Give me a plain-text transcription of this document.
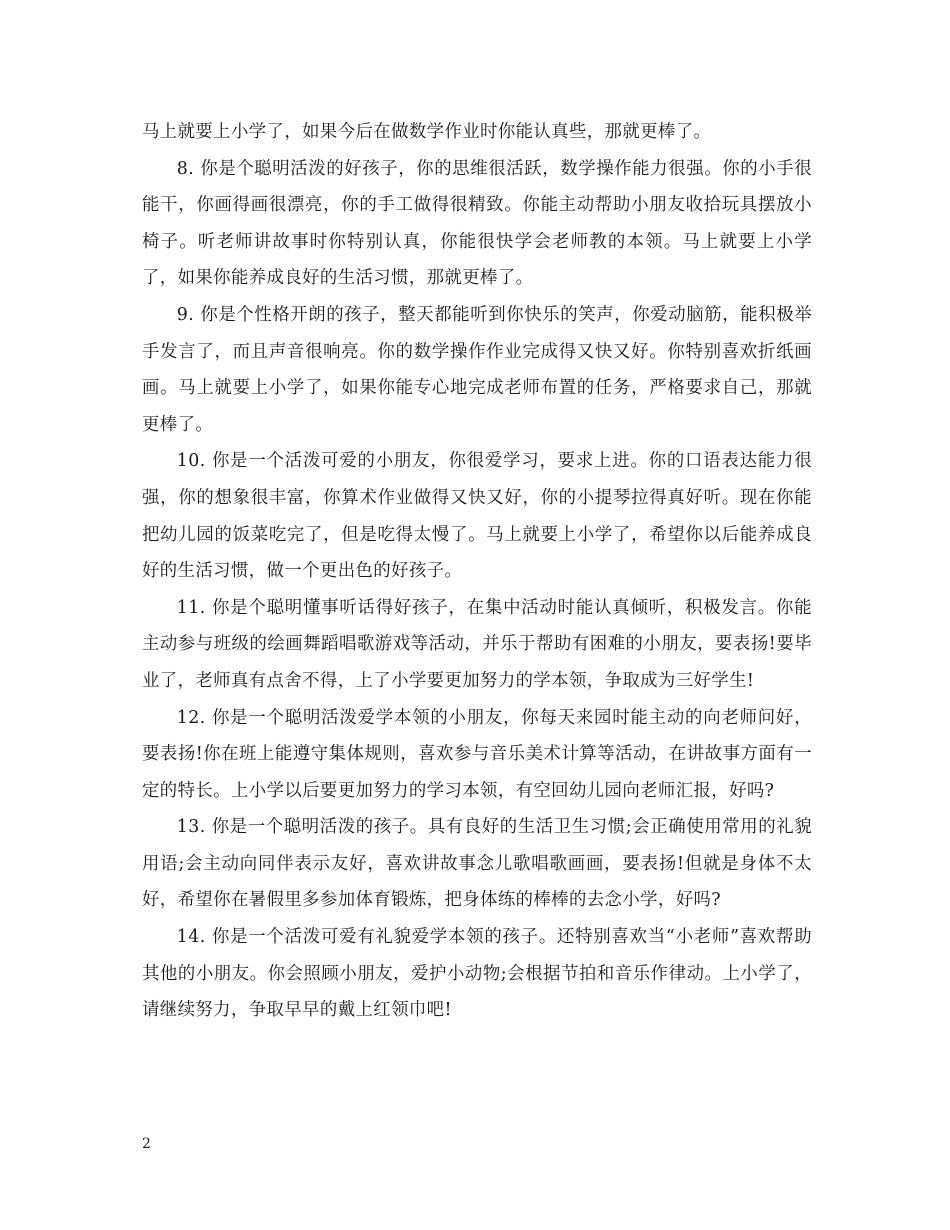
马上就要上小学了，如果今后在做数学作业时你能认真些，那就更棒了。

8. 你是个聪明活泼的好孩子，你的思维很活跃，数学操作能力很强。你的小手很能干，你画得画很漂亮，你的手工做得很精致。你能主动帮助小朋友收拾玩具摆放小椅子。听老师讲故事时你特别认真，你能很快学会老师教的本领。马上就要上小学了，如果你能养成良好的生活习惯，那就更棒了。

9. 你是个性格开朗的孩子，整天都能听到你快乐的笑声，你爱动脑筋，能积极举手发言了，而且声音很响亮。你的数学操作作业完成得又快又好。你特别喜欢折纸画画。马上就要上小学了，如果你能专心地完成老师布置的任务，严格要求自己，那就更棒了。

10. 你是一个活泼可爱的小朋友，你很爱学习，要求上进。你的口语表达能力很强，你的想象很丰富，你算术作业做得又快又好，你的小提琴拉得真好听。现在你能把幼儿园的饭菜吃完了，但是吃得太慢了。马上就要上小学了，希望你以后能养成良好的生活习惯，做一个更出色的好孩子。

11. 你是个聪明懂事听话得好孩子，在集中活动时能认真倾听，积极发言。你能主动参与班级的绘画舞蹈唱歌游戏等活动，并乐于帮助有困难的小朋友，要表扬!要毕业了，老师真有点舍不得，上了小学要更加努力的学本领，争取成为三好学生!

12. 你是一个聪明活泼爱学本领的小朋友，你每天来园时能主动的向老师问好，要表扬!你在班上能遵守集体规则，喜欢参与音乐美术计算等活动，在讲故事方面有一定的特长。上小学以后要更加努力的学习本领，有空回幼儿园向老师汇报，好吗?

13. 你是一个聪明活泼的孩子。具有良好的生活卫生习惯;会正确使用常用的礼貌用语;会主动向同伴表示友好，喜欢讲故事念儿歌唱歌画画，要表扬!但就是身体不太好，希望你在暑假里多参加体育锻炼，把身体练的棒棒的去念小学，好吗?

14. 你是一个活泼可爱有礼貌爱学本领的孩子。还特别喜欢当“小老师”喜欢帮助其他的小朋友。你会照顾小朋友，爱护小动物;会根据节拍和音乐作律动。上小学了，请继续努力，争取早早的戴上红领巾吧!

2
